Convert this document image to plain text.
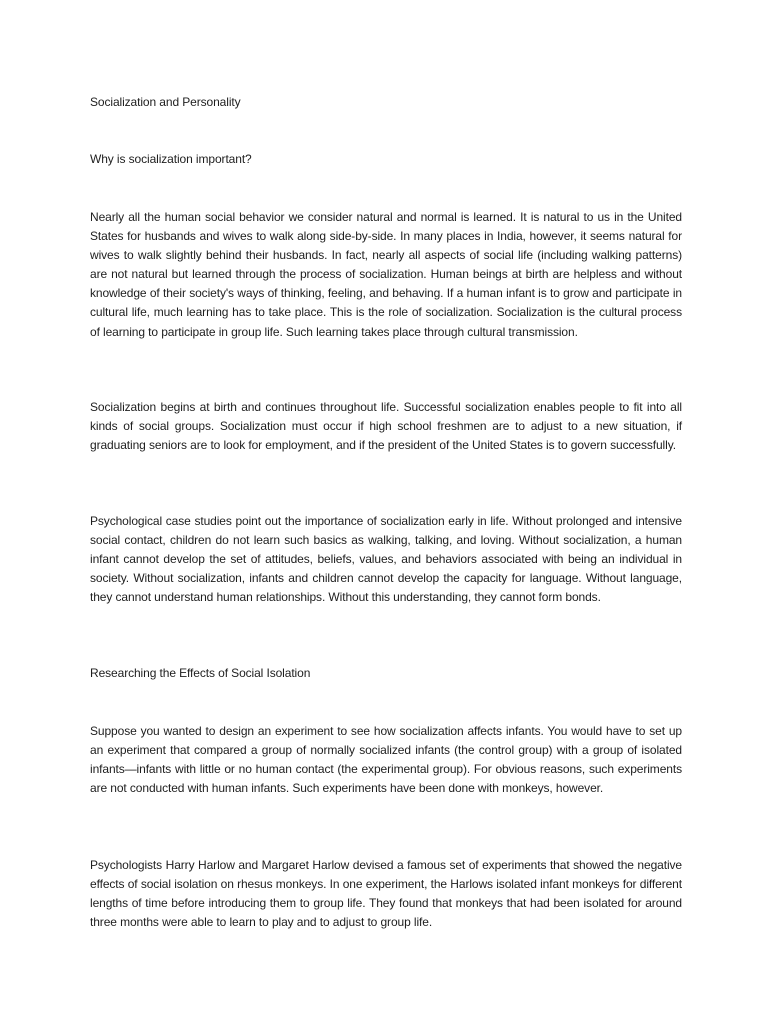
Socialization and Personality

Why is socialization important?

Nearly all the human social behavior we consider natural and normal is learned. It is natural to us in the United States for husbands and wives to walk along side-by-side. In many places in India, however, it seems natural for wives to walk slightly behind their husbands. In fact, nearly all aspects of social life (including walking patterns) are not natural but learned through the process of socialization. Human beings at birth are helpless and without knowledge of their society's ways of thinking, feeling, and behaving. If a human infant is to grow and participate in cultural life, much learning has to take place. This is the role of socialization. Socialization is the cultural process of learning to participate in group life. Such learning takes place through cultural transmission.

Socialization begins at birth and continues throughout life. Successful socialization enables people to fit into all kinds of social groups. Socialization must occur if high school freshmen are to adjust to a new situation, if graduating seniors are to look for employment, and if the president of the United States is to govern successfully.

Psychological case studies point out the importance of socialization early in life. Without prolonged and intensive social contact, children do not learn such basics as walking, talking, and loving. Without socialization, a human infant cannot develop the set of attitudes, beliefs, values, and behaviors associated with being an individual in society. Without socialization, infants and children cannot develop the capacity for language. Without language, they cannot understand human relationships. Without this understanding, they cannot form bonds.

Researching the Effects of Social Isolation

Suppose you wanted to design an experiment to see how socialization affects infants. You would have to set up an experiment that compared a group of normally socialized infants (the control group) with a group of isolated infants—infants with little or no human contact (the experimental group). For obvious reasons, such experiments are not conducted with human infants. Such experiments have been done with monkeys, however.

Psychologists Harry Harlow and Margaret Harlow devised a famous set of experiments that showed the negative effects of social isolation on rhesus monkeys. In one experiment, the Harlows isolated infant monkeys for different lengths of time before introducing them to group life. They found that monkeys that had been isolated for around three months were able to learn to play and to adjust to group life.
